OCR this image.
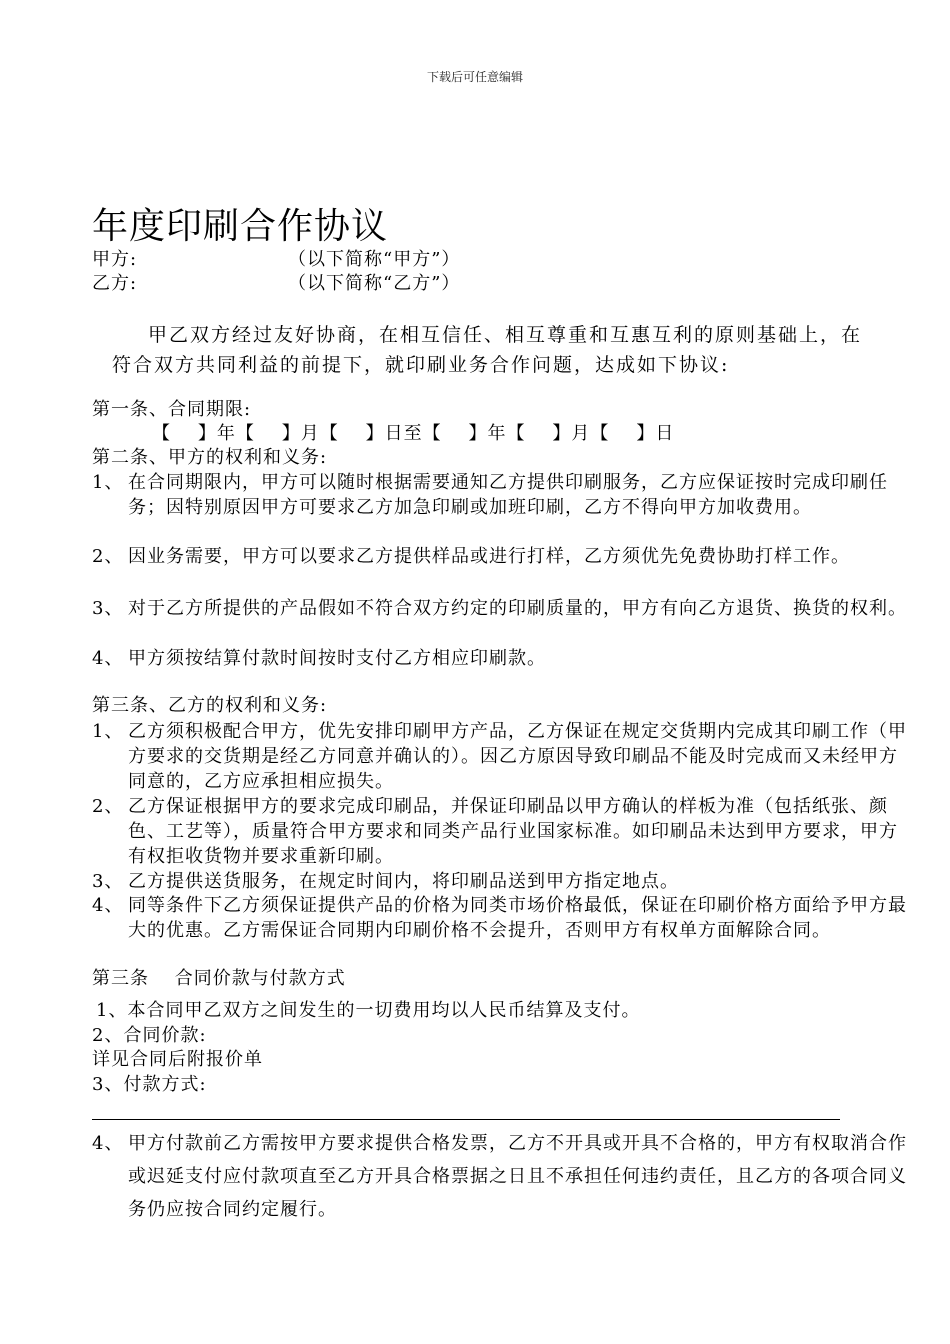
下载后可任意编辑
年度印刷合作协议
甲方:	（以下简称“甲方”）
乙方:	（以下简称“乙方”）
甲乙双方经过友好协商，在相互信任、相互尊重和互惠互利的原则基础上，在符合双方共同利益的前提下，就印刷业务合作问题，达成如下协议:
第一条、合同期限:
【    】年【    】月【    】日至【    】年【    】月【    】日
第二条、甲方的权利和义务:
1、 在合同期限内，甲方可以随时根据需要通知乙方提供印刷服务，乙方应保证按时完成印刷任务；因特别原因甲方可要求乙方加急印刷或加班印刷，乙方不得向甲方加收费用。
2、 因业务需要，甲方可以要求乙方提供样品或进行打样，乙方须优先免费协助打样工作。
3、 对于乙方所提供的产品假如不符合双方约定的印刷质量的，甲方有向乙方退货、换货的权利。
4、 甲方须按结算付款时间按时支付乙方相应印刷款。
第三条、乙方的权利和义务:
1、 乙方须积极配合甲方，优先安排印刷甲方产品，乙方保证在规定交货期内完成其印刷工作（甲方要求的交货期是经乙方同意并确认的）。因乙方原因导致印刷品不能及时完成而又未经甲方同意的，乙方应承担相应损失。
2、 乙方保证根据甲方的要求完成印刷品，并保证印刷品以甲方确认的样板为准（包括纸张、颜色、工艺等），质量符合甲方要求和同类产品行业国家标准。如印刷品未达到甲方要求，甲方有权拒收货物并要求重新印刷。
3、 乙方提供送货服务，在规定时间内，将印刷品送到甲方指定地点。
4、 同等条件下乙方须保证提供产品的价格为同类市场价格最低，保证在印刷价格方面给予甲方最大的优惠。乙方需保证合同期内印刷价格不会提升，否则甲方有权单方面解除合同。
第三条　 合同价款与付款方式
1、本合同甲乙双方之间发生的一切费用均以人民币结算及支付。
2、合同价款:
详见合同后附报价单
3、付款方式:
4、 甲方付款前乙方需按甲方要求提供合格发票，乙方不开具或开具不合格的，甲方有权取消合作或迟延支付应付款项直至乙方开具合格票据之日且不承担任何违约责任，且乙方的各项合同义务仍应按合同约定履行。
